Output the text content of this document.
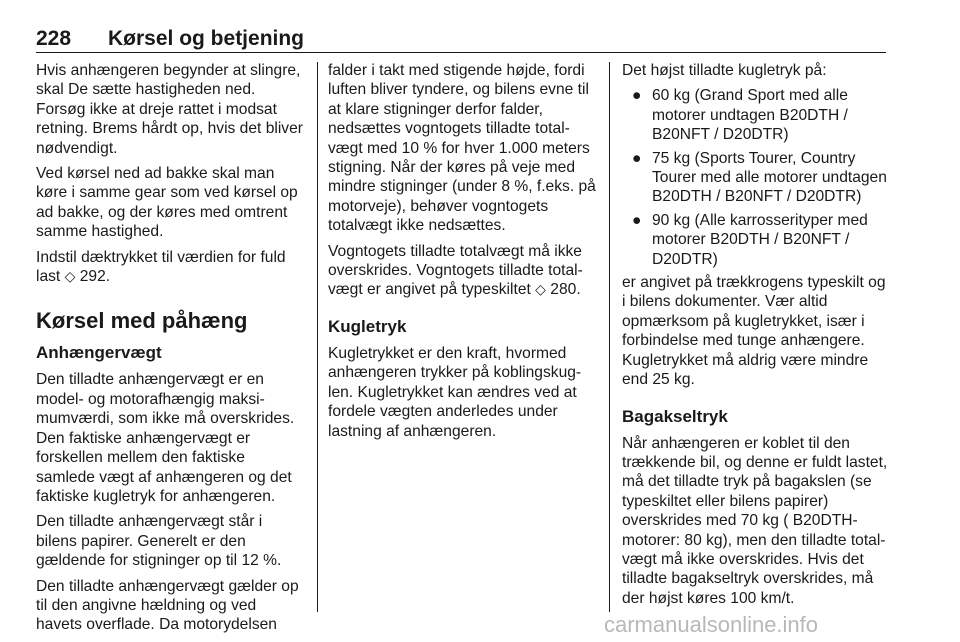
228 Kørsel og betjening

Hvis anhængeren begynder at slingre, skal De sætte hastigheden ned. Forsøg ikke at dreje rattet i modsat retning. Brems hårdt op, hvis det bliver nødvendigt.

Ved kørsel ned ad bakke skal man køre i samme gear som ved kørsel op ad bakke, og der køres med omtrent samme hastighed.

Indstil dæktrykket til værdien for fuld last ◇ 292.

Kørsel med påhæng
Anhængervægt

Den tilladte anhængervægt er en model- og motorafhængig maksimumværdi, som ikke må overskrides. Den faktiske anhængervægt er forskellen mellem den faktiske samlede vægt af anhængeren og det faktiske kugletryk for anhængeren.

Den tilladte anhængervægt står i bilens papirer. Generelt er den gældende for stigninger op til 12 %.

Den tilladte anhængervægt gælder op til den angivne hældning og ved havets overflade. Da motorydelsen

falder i takt med stigende højde, fordi luften bliver tyndere, og bilens evne til at klare stigninger derfor falder, nedsættes vogntogets tilladte totalvægt med 10 % for hver 1.000 meters stigning. Når der køres på veje med mindre stigninger (under 8 %, f.eks. på motorveje), behøver vogntogets totalvægt ikke nedsættes.

Vogntogets tilladte totalvægt må ikke overskrides. Vogntogets tilladte totalvægt er angivet på typeskiltet ◇ 280.

Kugletryk

Kugletrykket er den kraft, hvormed anhængeren trykker på koblingskuglen. Kugletrykket kan ændres ved at fordele vægten anderledes under lastning af anhængeren.

Det højst tilladte kugletryk på:

● 60 kg (Grand Sport med alle motorer undtagen B20DTH / B20NFT / D20DTR)
● 75 kg (Sports Tourer, Country Tourer med alle motorer undtagen B20DTH / B20NFT / D20DTR)
● 90 kg (Alle karrosserityper med motorer B20DTH / B20NFT / D20DTR)

er angivet på trækkrogens typeskilt og i bilens dokumenter. Vær altid opmærksom på kugletrykket, især i forbindelse med tunge anhængere. Kugletrykket må aldrig være mindre end 25 kg.

Bagakseltryk

Når anhængeren er koblet til den trækkende bil, og denne er fuldt lastet, må det tilladte tryk på bagakslen (se typeskiltet eller bilens papirer) overskrides med 70 kg ( B20DTH-motorer: 80 kg), men den tilladte totalvægt må ikke overskrides. Hvis det tilladte bagakseltryk overskrides, må der højst køres 100 km/t.

carmanualsonline.info
